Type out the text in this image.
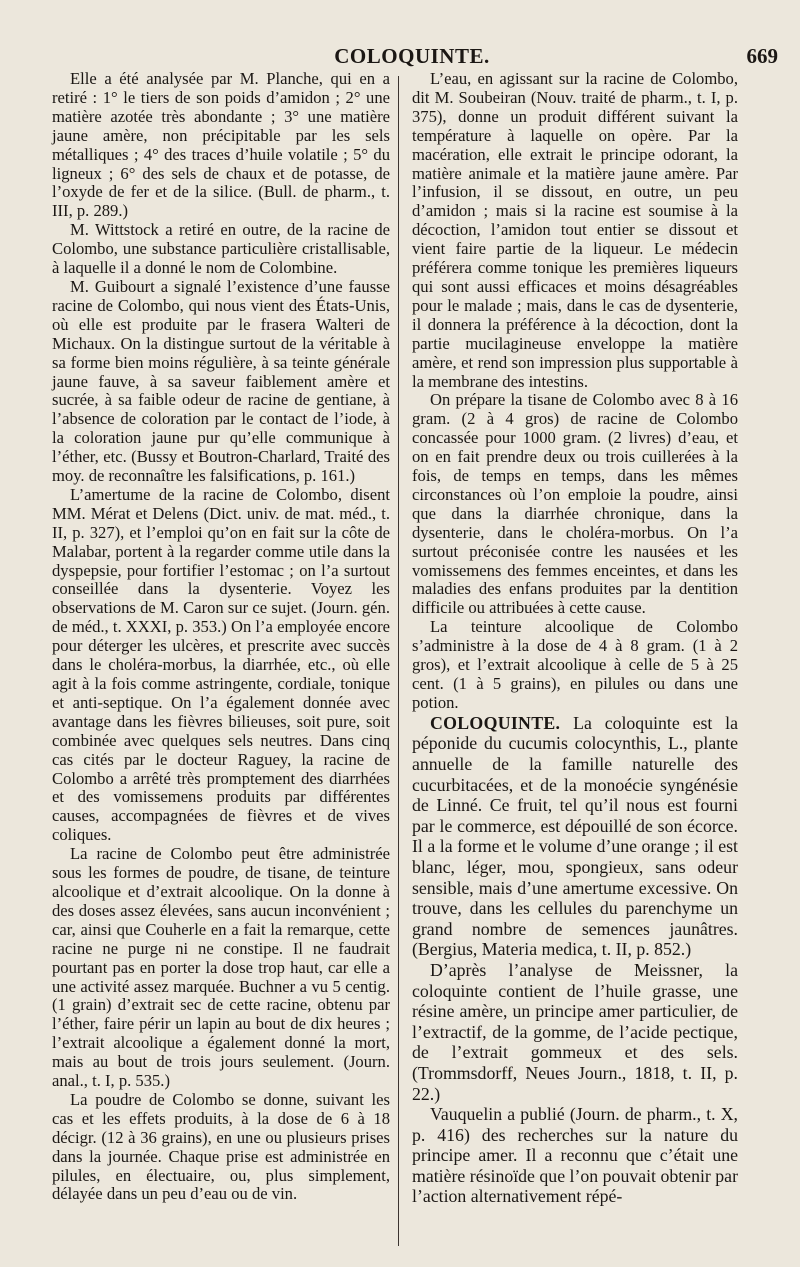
COLOQUINTE.	669

Elle a été analysée par M. Planche, qui en a retiré : 1° le tiers de son poids d’amidon ; 2° une matière azotée très abondante ; 3° une matière jaune amère, non précipitable par les sels métalliques ; 4° des traces d’huile volatile ; 5° du ligneux ; 6° des sels de chaux et de potasse, de l’oxyde de fer et de la silice. (Bull. de pharm., t. III, p. 289.)

M. Wittstock a retiré en outre, de la racine de Colombo, une substance particulière cristallisable, à laquelle il a donné le nom de Colombine.

M. Guibourt a signalé l’existence d’une fausse racine de Colombo, qui nous vient des États-Unis, où elle est produite par le frasera Walteri de Michaux. On la distingue surtout de la véritable à sa forme bien moins régulière, à sa teinte générale jaune fauve, à sa saveur faiblement amère et sucrée, à sa faible odeur de racine de gentiane, à l’absence de coloration par le contact de l’iode, à la coloration jaune pur qu’elle communique à l’éther, etc. (Bussy et Boutron-Charlard, Traité des moy. de reconnaître les falsifications, p. 161.)

L’amertume de la racine de Colombo, disent MM. Mérat et Delens (Dict. univ. de mat. méd., t. II, p. 327), et l’emploi qu’on en fait sur la côte de Malabar, portent à la regarder comme utile dans la dyspepsie, pour fortifier l’estomac ; on l’a surtout conseillée dans la dysenterie. Voyez les observations de M. Caron sur ce sujet. (Journ. gén. de méd., t. XXXI, p. 353.) On l’a employée encore pour déterger les ulcères, et prescrite avec succès dans le choléra-morbus, la diarrhée, etc., où elle agit à la fois comme astringente, cordiale, tonique et anti-septique. On l’a également donnée avec avantage dans les fièvres bilieuses, soit pure, soit combinée avec quelques sels neutres. Dans cinq cas cités par le docteur Raguey, la racine de Colombo a arrêté très promptement des diarrhées et des vomissemens produits par différentes causes, accompagnées de fièvres et de vives coliques.

La racine de Colombo peut être administrée sous les formes de poudre, de tisane, de teinture alcoolique et d’extrait alcoolique. On la donne à des doses assez élevées, sans aucun inconvénient ; car, ainsi que Couherle en a fait la remarque, cette racine ne purge ni ne constipe. Il ne faudrait pourtant pas en porter la dose trop haut, car elle a une activité assez marquée. Buchner a vu 5 centig. (1 grain) d’extrait sec de cette racine, obtenu par l’éther, faire périr un lapin au bout de dix heures ; l’extrait alcoolique a également donné la mort, mais au bout de trois jours seulement. (Journ. anal., t. I, p. 535.)

La poudre de Colombo se donne, suivant les cas et les effets produits, à la dose de 6 à 18 décigr. (12 à 36 grains), en une ou plusieurs prises dans la journée. Chaque prise est administrée en pilules, en électuaire, ou, plus simplement, délayée dans un peu d’eau ou de vin.

L’eau, en agissant sur la racine de Colombo, dit M. Soubeiran (Nouv. traité de pharm., t. I, p. 375), donne un produit différent suivant la température à laquelle on opère. Par la macération, elle extrait le principe odorant, la matière animale et la matière jaune amère. Par l’infusion, il se dissout, en outre, un peu d’amidon ; mais si la racine est soumise à la décoction, l’amidon tout entier se dissout et vient faire partie de la liqueur. Le médecin préférera comme tonique les premières liqueurs qui sont aussi efficaces et moins désagréables pour le malade ; mais, dans le cas de dysenterie, il donnera la préférence à la décoction, dont la partie mucilagineuse enveloppe la matière amère, et rend son impression plus supportable à la membrane des intestins.

On prépare la tisane de Colombo avec 8 à 16 gram. (2 à 4 gros) de racine de Colombo concassée pour 1000 gram. (2 livres) d’eau, et on en fait prendre deux ou trois cuillerées à la fois, de temps en temps, dans les mêmes circonstances où l’on emploie la poudre, ainsi que dans la diarrhée chronique, dans la dysenterie, dans le choléra-morbus. On l’a surtout préconisée contre les nausées et les vomissemens des femmes enceintes, et dans les maladies des enfans produites par la dentition difficile ou attribuées à cette cause.

La teinture alcoolique de Colombo s’administre à la dose de 4 à 8 gram. (1 à 2 gros), et l’extrait alcoolique à celle de 5 à 25 cent. (1 à 5 grains), en pilules ou dans une potion.

COLOQUINTE. La coloquinte est la péponide du cucumis colocynthis, L., plante annuelle de la famille naturelle des cucurbitacées, et de la monoécie syngénésie de Linné. Ce fruit, tel qu’il nous est fourni par le commerce, est dépouillé de son écorce. Il a la forme et le volume d’une orange ; il est blanc, léger, mou, spongieux, sans odeur sensible, mais d’une amertume excessive. On trouve, dans les cellules du parenchyme un grand nombre de semences jaunâtres. (Bergius, Materia medica, t. II, p. 852.)

D’après l’analyse de Meissner, la coloquinte contient de l’huile grasse, une résine amère, un principe amer particulier, de l’extractif, de la gomme, de l’acide pectique, de l’extrait gommeux et des sels. (Trommsdorff, Neues Journ., 1818, t. II, p. 22.)

Vauquelin a publié (Journ. de pharm., t. X, p. 416) des recherches sur la nature du principe amer. Il a reconnu que c’était une matière résinoïde que l’on pouvait obtenir par l’action alternativement répé-
